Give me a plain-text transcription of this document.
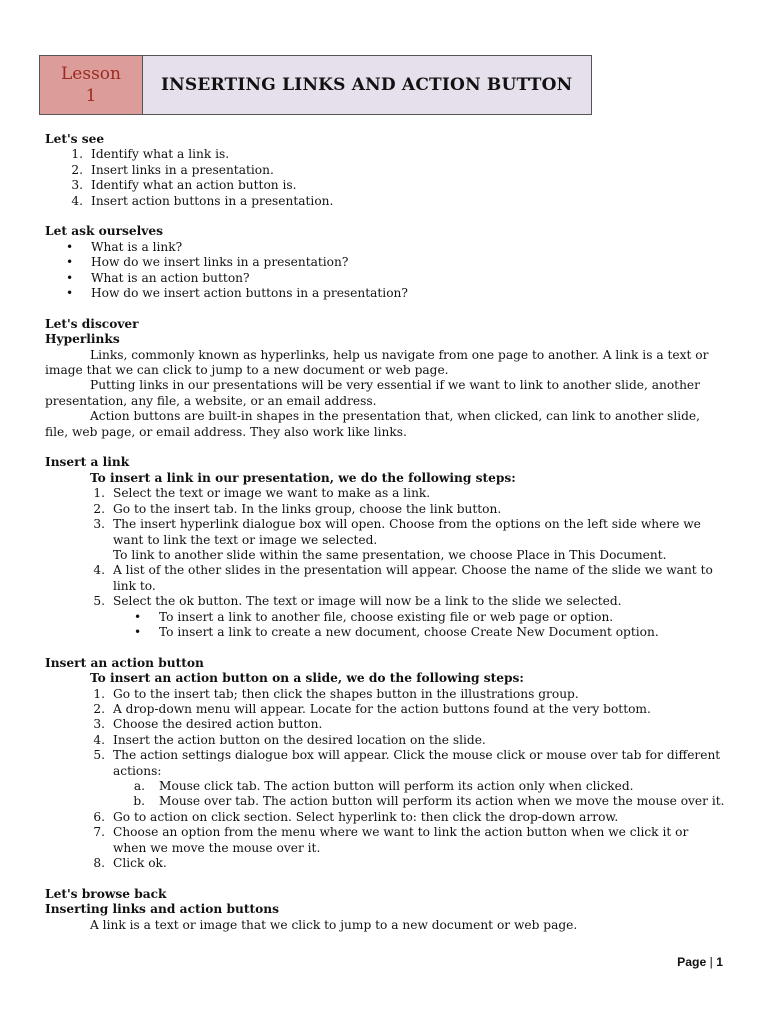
Lesson
1
INSERTING LINKS AND ACTION BUTTON
Let's see
1. Identify what a link is.
2. Insert links in a presentation.
3. Identify what an action button is.
4. Insert action buttons in a presentation.
Let ask ourselves
•	What is a link?
•	How do we insert links in a presentation?
•	What is an action button?
•	How do we insert action buttons in a presentation?
Let's discover
Hyperlinks
Links, commonly known as hyperlinks, help us navigate from one page to another. A link is a text or image that we can click to jump to a new document or web page.
Putting links in our presentations will be very essential if we want to link to another slide, another presentation, any file, a website, or an email address.
Action buttons are built-in shapes in the presentation that, when clicked, can link to another slide, file, web page, or email address. They also work like links.
Insert a link
To insert a link in our presentation, we do the following steps:
1. Select the text or image we want to make as a link.
2. Go to the insert tab. In the links group, choose the link button.
3. The insert hyperlink dialogue box will open. Choose from the options on the left side where we want to link the text or image we selected.
To link to another slide within the same presentation, we choose Place in This Document.
4. A list of the other slides in the presentation will appear. Choose the name of the slide we want to link to.
5. Select the ok button. The text or image will now be a link to the slide we selected.
•	To insert a link to another file, choose existing file or web page or option.
•	To insert a link to create a new document, choose Create New Document option.
Insert an action button
To insert an action button on a slide, we do the following steps:
1. Go to the insert tab; then click the shapes button in the illustrations group.
2. A drop-down menu will appear. Locate for the action buttons found at the very bottom.
3. Choose the desired action button.
4. Insert the action button on the desired location on the slide.
5. The action settings dialogue box will appear. Click the mouse click or mouse over tab for different actions:
a.	Mouse click tab. The action button will perform its action only when clicked.
b.	Mouse over tab. The action button will perform its action when we move the mouse over it.
6. Go to action on click section. Select hyperlink to: then click the drop-down arrow.
7. Choose an option from the menu where we want to link the action button when we click it or when we move the mouse over it.
8. Click ok.
Let's browse back
Inserting links and action buttons
A link is a text or image that we click to jump to a new document or web page.
Page | 1
